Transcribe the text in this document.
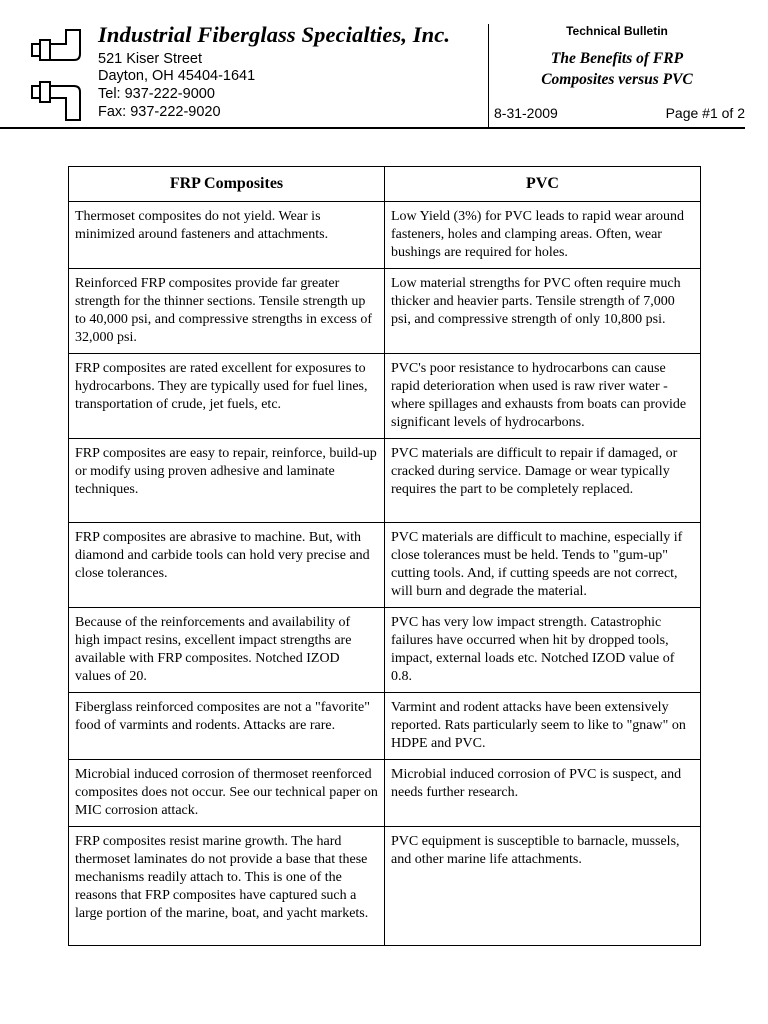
Industrial Fiberglass Specialties, Inc.
521 Kiser Street
Dayton, OH 45404-1641
Tel: 937-222-9000
Fax: 937-222-9020
Technical Bulletin
The Benefits of FRP
Composites versus PVC
8-31-2009	Page #1 of 2
FRP Composites	PVC
Thermoset composites do not yield. Wear is minimized around fasteners and attachments.	Low Yield (3%) for PVC leads to rapid wear around fasteners, holes and clamping areas. Often, wear bushings are required for holes.
Reinforced FRP composites provide far greater strength for the thinner sections. Tensile strength up to 40,000 psi, and compressive strengths in excess of 32,000 psi.	Low material strengths for PVC often require much thicker and heavier parts. Tensile strength of 7,000 psi, and compressive strength of only 10,800 psi.
FRP composites are rated excellent for exposures to hydrocarbons. They are typically used for fuel lines, transportation of crude, jet fuels, etc.	PVC's poor resistance to hydrocarbons can cause rapid deterioration when used is raw river water - where spillages and exhausts from boats can provide significant levels of hydrocarbons.
FRP composites are easy to repair, reinforce, build-up or modify using proven adhesive and laminate techniques.	PVC materials are difficult to repair if damaged, or cracked during service. Damage or wear typically requires the part to be completely replaced.
FRP composites are abrasive to machine. But, with diamond and carbide tools can hold very precise and close tolerances.	PVC materials are difficult to machine, especially if close tolerances must be held. Tends to "gum-up" cutting tools. And, if cutting speeds are not correct, will burn and degrade the material.
Because of the reinforcements and availability of high impact resins, excellent impact strengths are available with FRP composites. Notched IZOD values of 20.	PVC has very low impact strength. Catastrophic failures have occurred when hit by dropped tools, impact, external loads etc. Notched IZOD value of 0.8.
Fiberglass reinforced composites are not a "favorite" food of varmints and rodents. Attacks are rare.	Varmint and rodent attacks have been extensively reported. Rats particularly seem to like to "gnaw" on HDPE and PVC.
Microbial induced corrosion of thermoset reenforced composites does not occur. See our technical paper on MIC corrosion attack.	Microbial induced corrosion of PVC is suspect, and needs further research.
FRP composites resist marine growth. The hard thermoset laminates do not provide a base that these mechanisms readily attach to. This is one of the reasons that FRP composites have captured such a large portion of the marine, boat, and yacht markets.	PVC equipment is susceptible to barnacle, mussels, and other marine life attachments.
